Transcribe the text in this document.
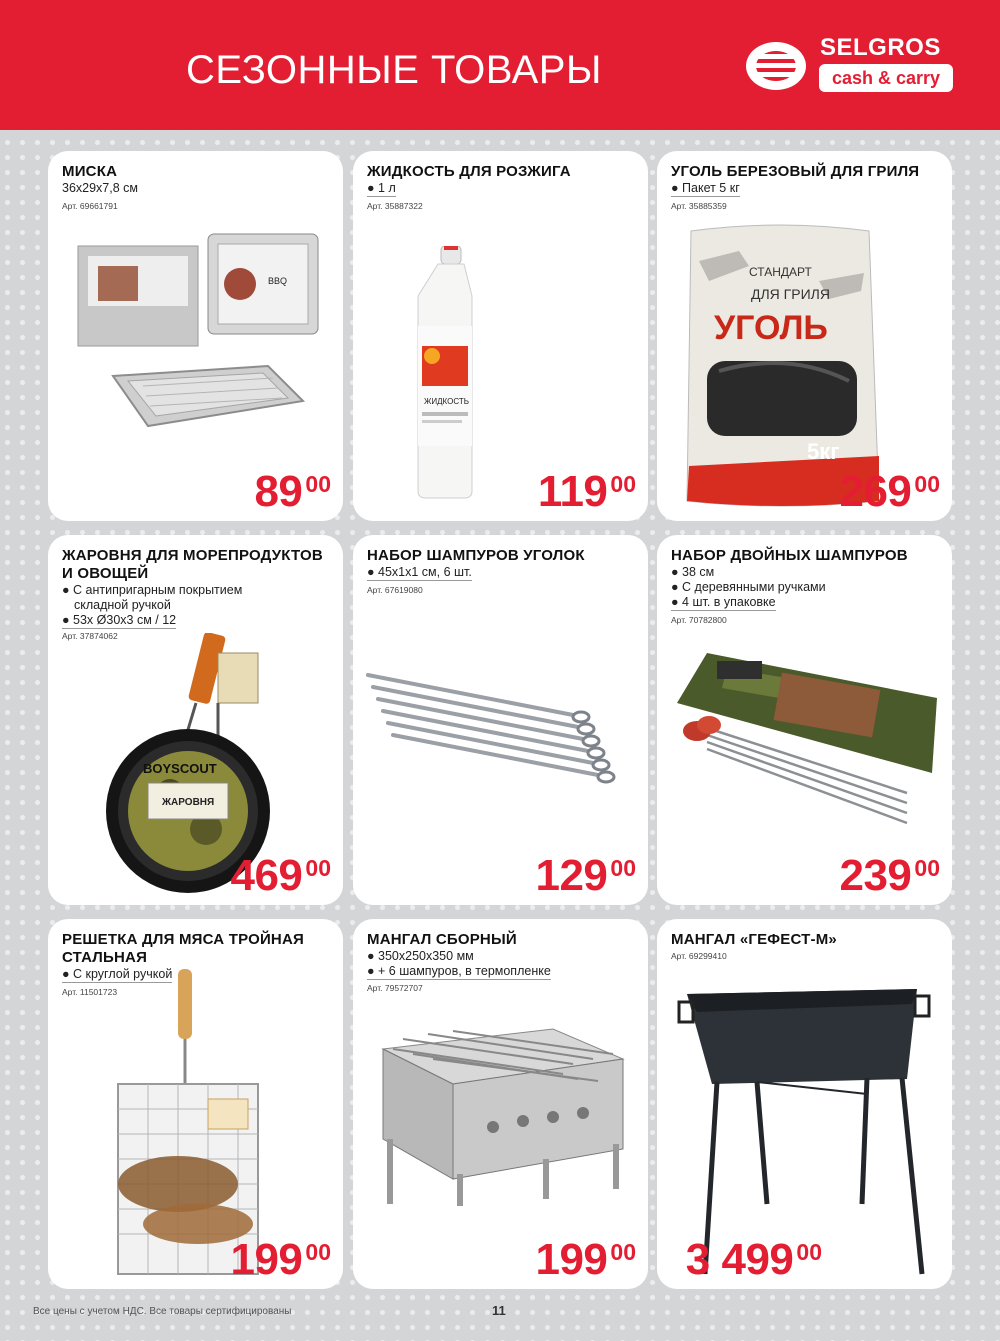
СЕЗОННЫЕ ТОВАРЫ
SELGROS
cash & carry
МИСКА
36x29x7,8 см
Арт. 69661791
BBQ
89 00
ЖИДКОСТЬ ДЛЯ РОЗЖИГА
● 1 л
Арт. 35887322
ЖИДКОСТЬ
119 00
УГОЛЬ БЕРЕЗОВЫЙ ДЛЯ ГРИЛЯ
● Пакет 5 кг
Арт. 35885359
СТАНДАРТ
ДЛЯ ГРИЛЯ
УГОЛЬ
5кг
269 00
ЖАРОВНЯ ДЛЯ МОРЕПРОДУКТОВ И ОВОЩЕЙ
● С антипригарным покрытием
складной ручкой
● 53x Ø30x3 см / 12
Арт. 37874062
BOYSCOUT
ЖАРОВНЯ
469 00
НАБОР ШАМПУРОВ УГОЛОК
● 45x1x1 см, 6 шт.
Арт. 67619080
129 00
НАБОР ДВОЙНЫХ ШАМПУРОВ
● 38 см
● С деревянными ручками
● 4 шт. в упаковке
Арт. 70782800
239 00
РЕШЕТКА ДЛЯ МЯСА ТРОЙНАЯ СТАЛЬНАЯ
● С круглой ручкой
Арт. 11501723
199 00
МАНГАЛ СБОРНЫЙ
● 350x250x350 мм
● + 6 шампуров, в термопленке
Арт. 79572707
199 00
МАНГАЛ «ГЕФЕСТ-М»
Арт. 69299410
3 499 00
Все цены с учетом НДС. Все товары сертифицированы	11
